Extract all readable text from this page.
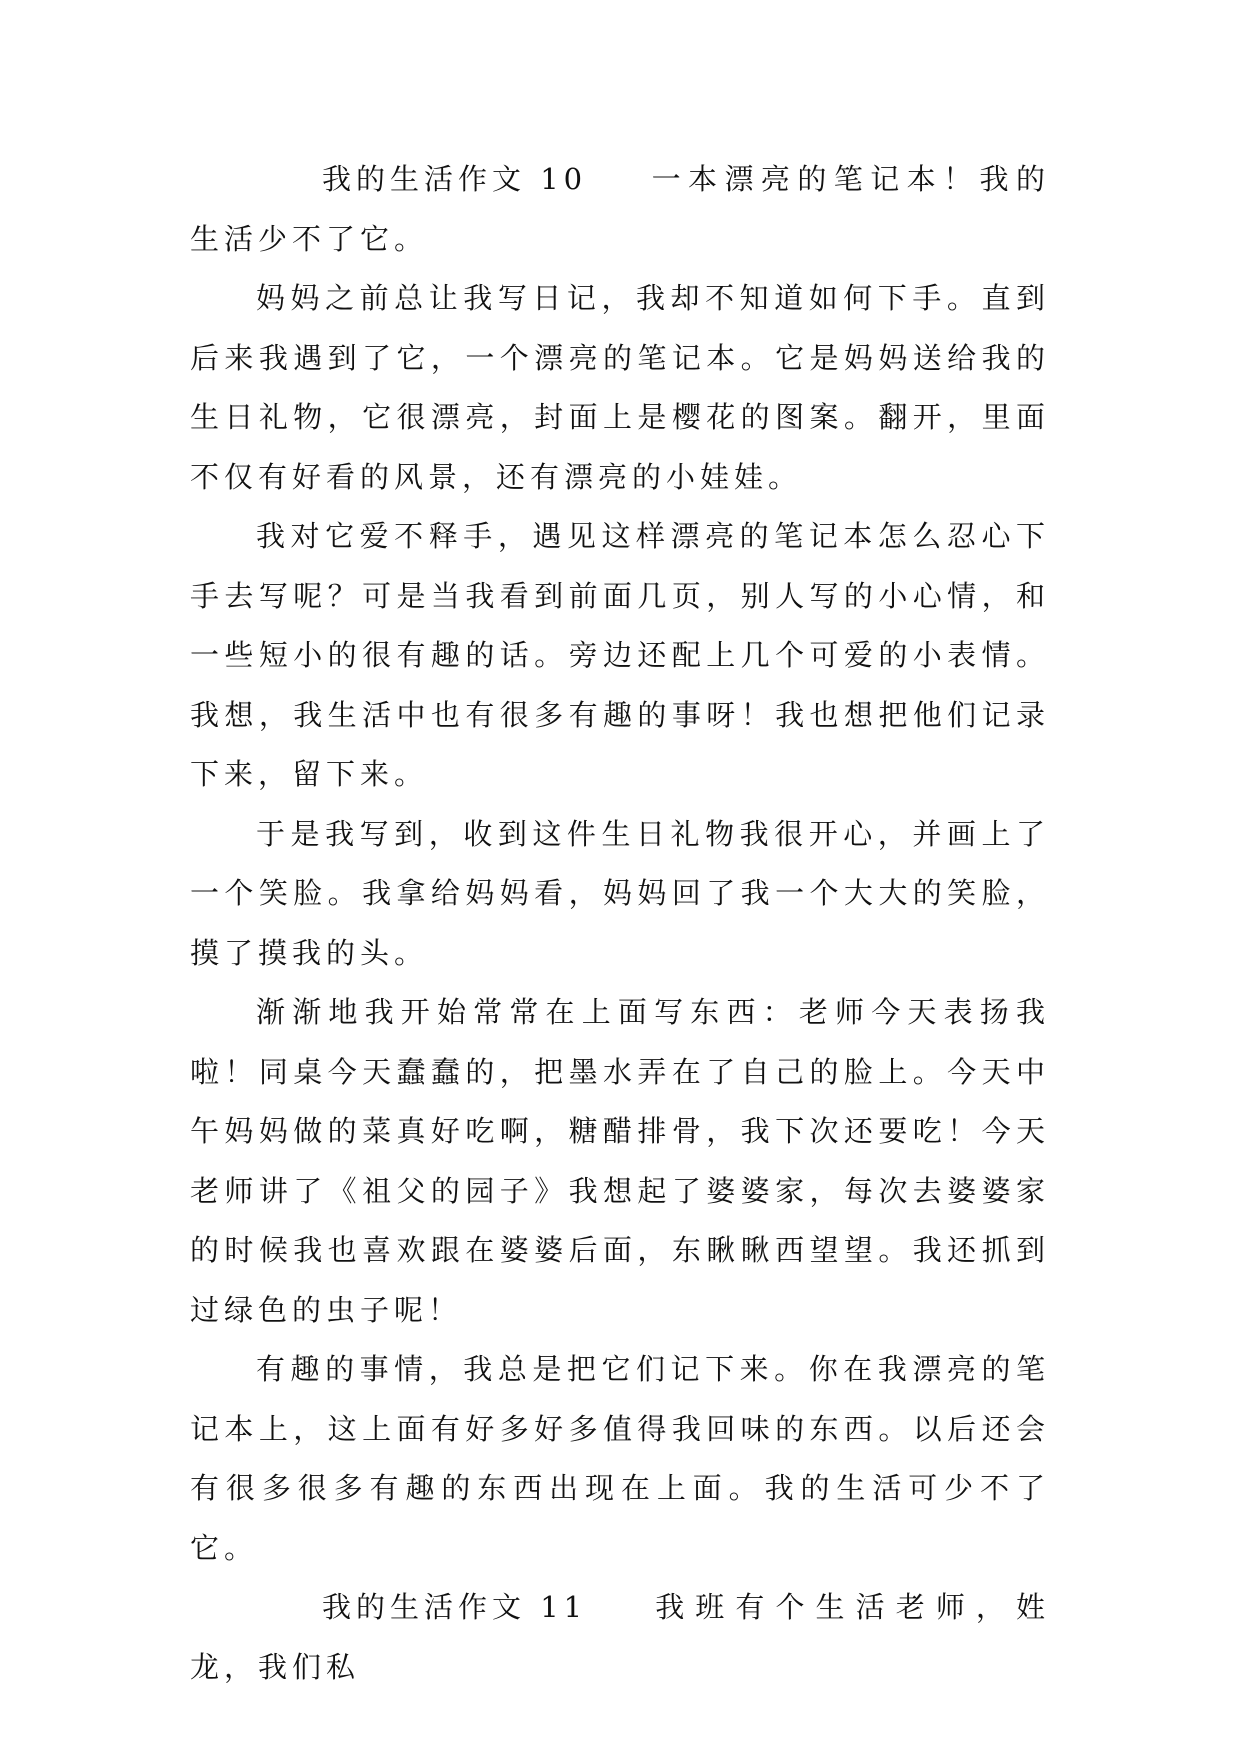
我的生活作文 10 一本漂亮的笔记本！我的生活少不了它。

妈妈之前总让我写日记，我却不知道如何下手。直到后来我遇到了它，一个漂亮的笔记本。它是妈妈送给我的生日礼物，它很漂亮，封面上是樱花的图案。翻开，里面不仅有好看的风景，还有漂亮的小娃娃。

我对它爱不释手，遇见这样漂亮的笔记本怎么忍心下手去写呢？可是当我看到前面几页，别人写的小心情，和一些短小的很有趣的话。旁边还配上几个可爱的小表情。我想，我生活中也有很多有趣的事呀！我也想把他们记录下来，留下来。

于是我写到，收到这件生日礼物我很开心，并画上了一个笑脸。我拿给妈妈看，妈妈回了我一个大大的笑脸，摸了摸我的头。

渐渐地我开始常常在上面写东西：老师今天表扬我啦！同桌今天蠢蠢的，把墨水弄在了自己的脸上。今天中午妈妈做的菜真好吃啊，糖醋排骨，我下次还要吃！今天老师讲了《祖父的园子》我想起了婆婆家，每次去婆婆家的时候我也喜欢跟在婆婆后面，东瞅瞅西望望。我还抓到过绿色的虫子呢！

有趣的事情，我总是把它们记下来。你在我漂亮的笔记本上，这上面有好多好多值得我回味的东西。以后还会有很多很多有趣的东西出现在上面。我的生活可少不了它。

我的生活作文 11 我班有个生活老师，姓龙，我们私
